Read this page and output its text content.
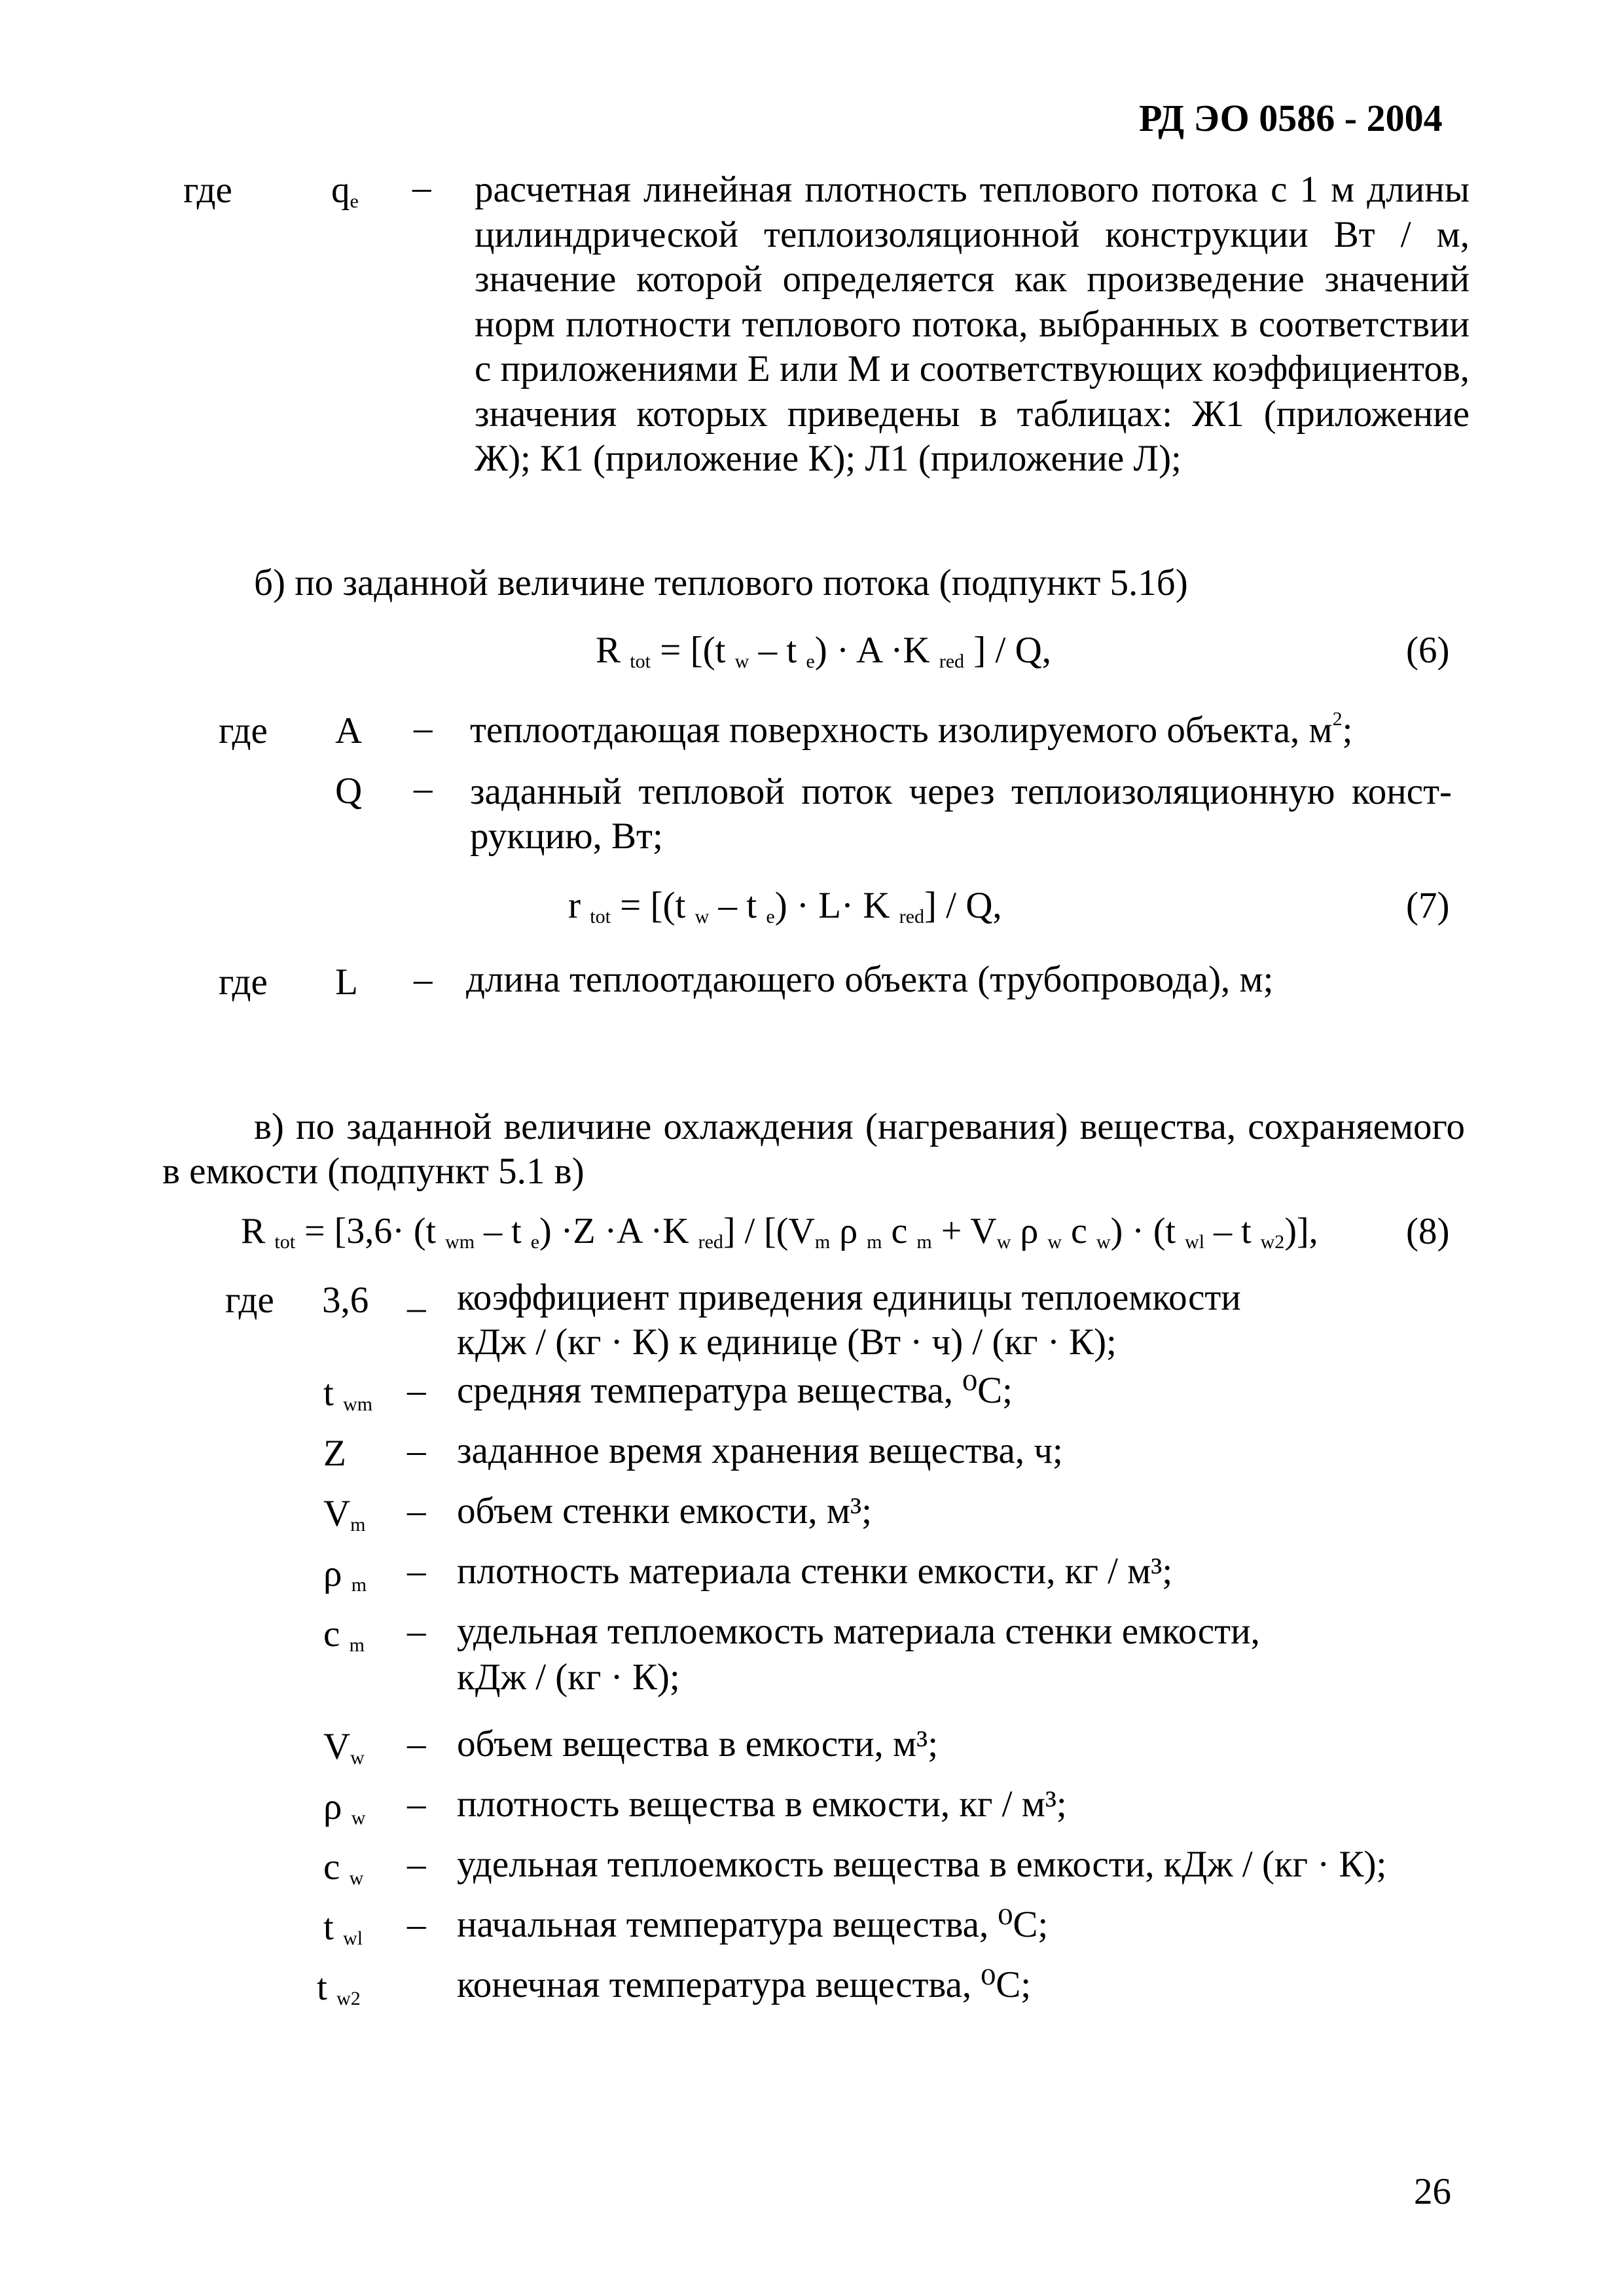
РД ЭО 0586 - 2004
где	$q_е$ – расчетная линейная плотность теплового потока с 1 м длины цилиндрической теплоизоляционной конструкции Вт / м, значение которой определяется как произведение значений норм плотности теплового потока, выбранных в соответствии с приложениями Е или М и соответствующих коэффициентов, значения которых приведены в таблицах: Ж1 (приложение Ж); К1 (приложение К); Л1 (приложение Л);
б) по заданной величине теплового потока (подпункт 5.1б)
R $_{tot}$ = [(t $_w$ – t $_e$) · A ·K $_{red}$ ] / Q,	(6)
где A – теплоотдающая поверхность изолируемого объекта, $м^2$;
Q – заданный тепловой поток через теплоизоляционную конст-рукцию, Вт;
r $_{tot}$ = [(t $_w$ – t $_e$) · L· K $_{red}$] / Q,	(7)
где L – длина теплоотдающего объекта (трубопровода), м;
в) по заданной величине охлаждения (нагревания) вещества, сохраняемого в емкости (подпункт 5.1 в)
R $_{tot}$ = [3,6· (t $_{wm}$ – t $_e$) ·Z ·A ·K $_{red}] / [(V_m$ ρ $_m$ c $_m + V_w$ ρ $_w$ c $_w$) · (t $_{wl}$ – t $_{w2}$)], (8)
где 3,6 _ коэффициент приведения единицы теплоемкости
кДж / (кг · К) к единице (Вт · ч) / (кг · К);
t $_{wm}$ – средняя температура вещества, ⁰С;
Z – заданное время хранения вещества, ч;
$V_m$ – объем стенки емкости, м³;
ρ $_m$ – плотность материала стенки емкости, кг / м³;
c $_m$ – удельная теплоемкость материала стенки емкости,
кДж / (кг · К);
$V_w$ – объем вещества в емкости, м³;
ρ $_w$ – плотность вещества в емкости, кг / м³;
c $_w$ – удельная теплоемкость вещества в емкости, кДж / (кг · К);
t $_{wl}$ – начальная температура вещества, ⁰С;
t $_{w2}$	конечная температура вещества, ⁰С;
26
